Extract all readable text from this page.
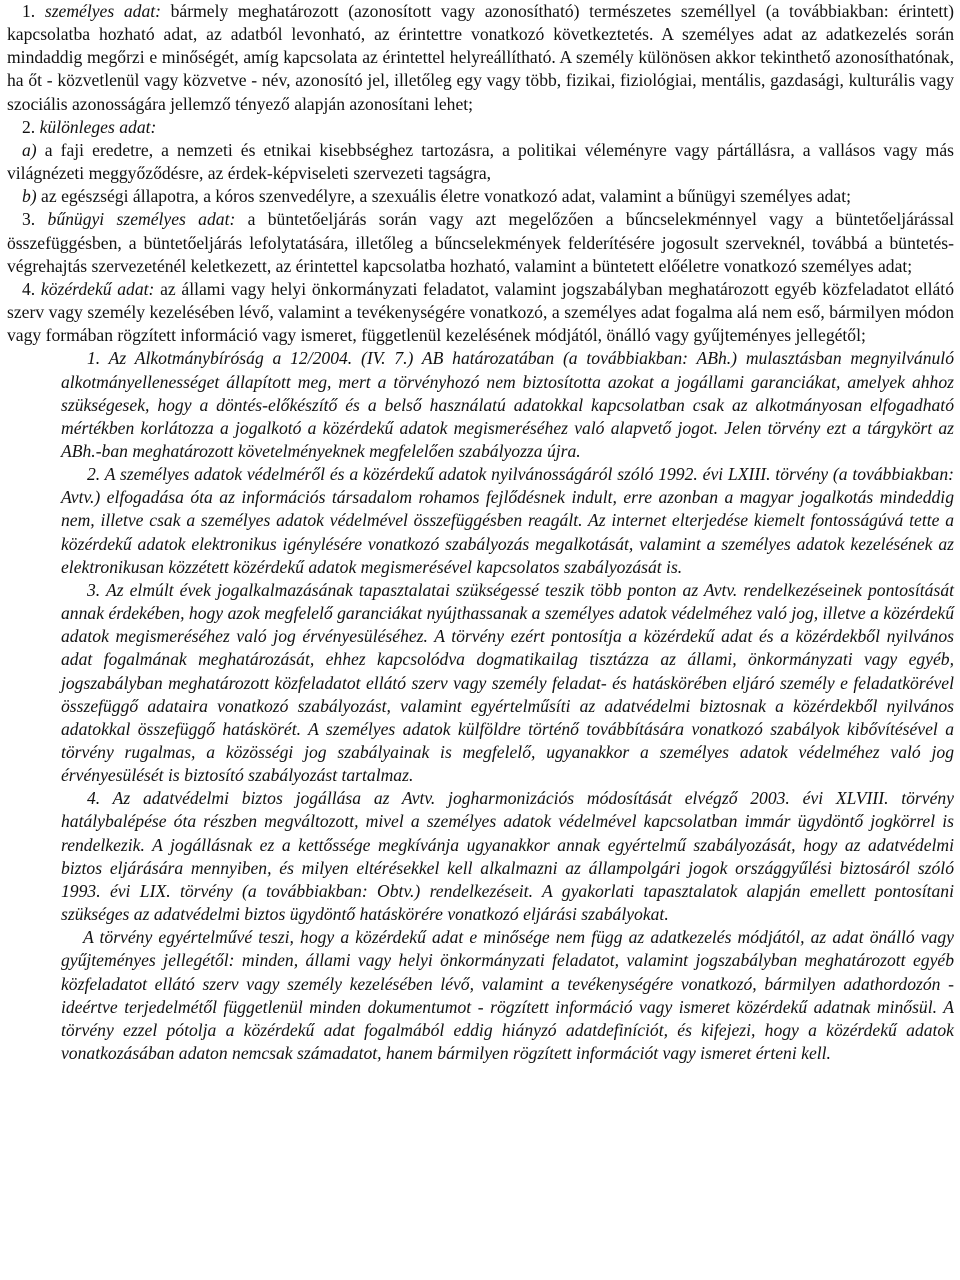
1. személyes adat: bármely meghatározott (azonosított vagy azonosítható) természetes személlyel (a továbbiakban: érintett) kapcsolatba hozható adat, az adatból levonható, az érintettre vonatkozó következtetés. A személyes adat az adatkezelés során mindaddig megőrzi e minőségét, amíg kapcsolata az érintettel helyreállítható. A személy különösen akkor tekinthető azonosíthatónak, ha őt - közvetlenül vagy közvetve - név, azonosító jel, illetőleg egy vagy több, fizikai, fiziológiai, mentális, gazdasági, kulturális vagy szociális azonosságára jellemző tényező alapján azonosítani lehet;

2. különleges adat:

a) a faji eredetre, a nemzeti és etnikai kisebbséghez tartozásra, a politikai véleményre vagy pártállásra, a vallásos vagy más világnézeti meggyőződésre, az érdek-képviseleti szervezeti tagságra,

b) az egészségi állapotra, a kóros szenvedélyre, a szexuális életre vonatkozó adat, valamint a bűnügyi személyes adat;

3. bűnügyi személyes adat: a büntetőeljárás során vagy azt megelőzően a bűncselekménnyel vagy a büntetőeljárással összefüggésben, a büntetőeljárás lefolytatására, illetőleg a bűncselekmények felderítésére jogosult szerveknél, továbbá a büntetés-végrehajtás szervezeténél keletkezett, az érintettel kapcsolatba hozható, valamint a büntetett előéletre vonatkozó személyes adat;

4. közérdekű adat: az állami vagy helyi önkormányzati feladatot, valamint jogszabályban meghatározott egyéb közfeladatot ellátó szerv vagy személy kezelésében lévő, valamint a tevékenységére vonatkozó, a személyes adat fogalma alá nem eső, bármilyen módon vagy formában rögzített információ vagy ismeret, függetlenül kezelésének módjától, önálló vagy gyűjteményes jellegétől;

1. Az Alkotmánybíróság a 12/2004. (IV. 7.) AB határozatában (a továbbiakban: ABh.) mulasztásban megnyilvánuló alkotmányellenességet állapított meg, mert a törvényhozó nem biztosította azokat a jogállami garanciákat, amelyek ahhoz szükségesek, hogy a döntés-előkészítő és a belső használatú adatokkal kapcsolatban csak az alkotmányosan elfogadható mértékben korlátozza a jogalkotó a közérdekű adatok megismeréséhez való alapvető jogot. Jelen törvény ezt a tárgykört az ABh.-ban meghatározott követelményeknek megfelelően szabályozza újra.

2. A személyes adatok védelméről és a közérdekű adatok nyilvánosságáról szóló 1992. évi LXIII. törvény (a továbbiakban: Avtv.) elfogadása óta az információs társadalom rohamos fejlődésnek indult, erre azonban a magyar jogalkotás mindeddig nem, illetve csak a személyes adatok védelmével összefüggésben reagált. Az internet elterjedése kiemelt fontosságúvá tette a közérdekű adatok elektronikus igénylésére vonatkozó szabályozás megalkotását, valamint a személyes adatok kezelésének az elektronikusan közzétett közérdekű adatok megismerésével kapcsolatos szabályozását is.

3. Az elmúlt évek jogalkalmazásának tapasztalatai szükségessé teszik több ponton az Avtv. rendelkezéseinek pontosítását annak érdekében, hogy azok megfelelő garanciákat nyújthassanak a személyes adatok védelméhez való jog, illetve a közérdekű adatok megismeréséhez való jog érvényesüléséhez. A törvény ezért pontosítja a közérdekű adat és a közérdekből nyilvános adat fogalmának meghatározását, ehhez kapcsolódva dogmatikailag tisztázza az állami, önkormányzati vagy egyéb, jogszabályban meghatározott közfeladatot ellátó szerv vagy személy feladat- és hatáskörében eljáró személy e feladatkörével összefüggő adataira vonatkozó szabályozást, valamint egyértelműsíti az adatvédelmi biztosnak a közérdekből nyilvános adatokkal összefüggő hatáskörét. A személyes adatok külföldre történő továbbítására vonatkozó szabályok kibővítésével a törvény rugalmas, a közösségi jog szabályainak is megfelelő, ugyanakkor a személyes adatok védelméhez való jog érvényesülését is biztosító szabályozást tartalmaz.

4. Az adatvédelmi biztos jogállása az Avtv. jogharmonizációs módosítását elvégző 2003. évi XLVIII. törvény hatálybalépése óta részben megváltozott, mivel a személyes adatok védelmével kapcsolatban immár ügydöntő jogkörrel is rendelkezik. A jogállásnak ez a kettőssége megkívánja ugyanakkor annak egyértelmű szabályozását, hogy az adatvédelmi biztos eljárására mennyiben, és milyen eltérésekkel kell alkalmazni az állampolgári jogok országgyűlési biztosáról szóló 1993. évi LIX. törvény (a továbbiakban: Obtv.) rendelkezéseit. A gyakorlati tapasztalatok alapján emellett pontosítani szükséges az adatvédelmi biztos ügydöntő hatáskörére vonatkozó eljárási szabályokat.

A törvény egyértelművé teszi, hogy a közérdekű adat e minősége nem függ az adatkezelés módjától, az adat önálló vagy gyűjteményes jellegétől: minden, állami vagy helyi önkormányzati feladatot, valamint jogszabályban meghatározott egyéb közfeladatot ellátó szerv vagy személy kezelésében lévő, valamint a tevékenységére vonatkozó, bármilyen adathordozón - ideértve terjedelmétől függetlenül minden dokumentumot - rögzített információ vagy ismeret közérdekű adatnak minősül. A törvény ezzel pótolja a közérdekű adat fogalmából eddig hiányzó adatdefiníciót, és kifejezi, hogy a közérdekű adatok vonatkozásában adaton nemcsak számadatot, hanem bármilyen rögzített információt vagy ismeret érteni kell.
